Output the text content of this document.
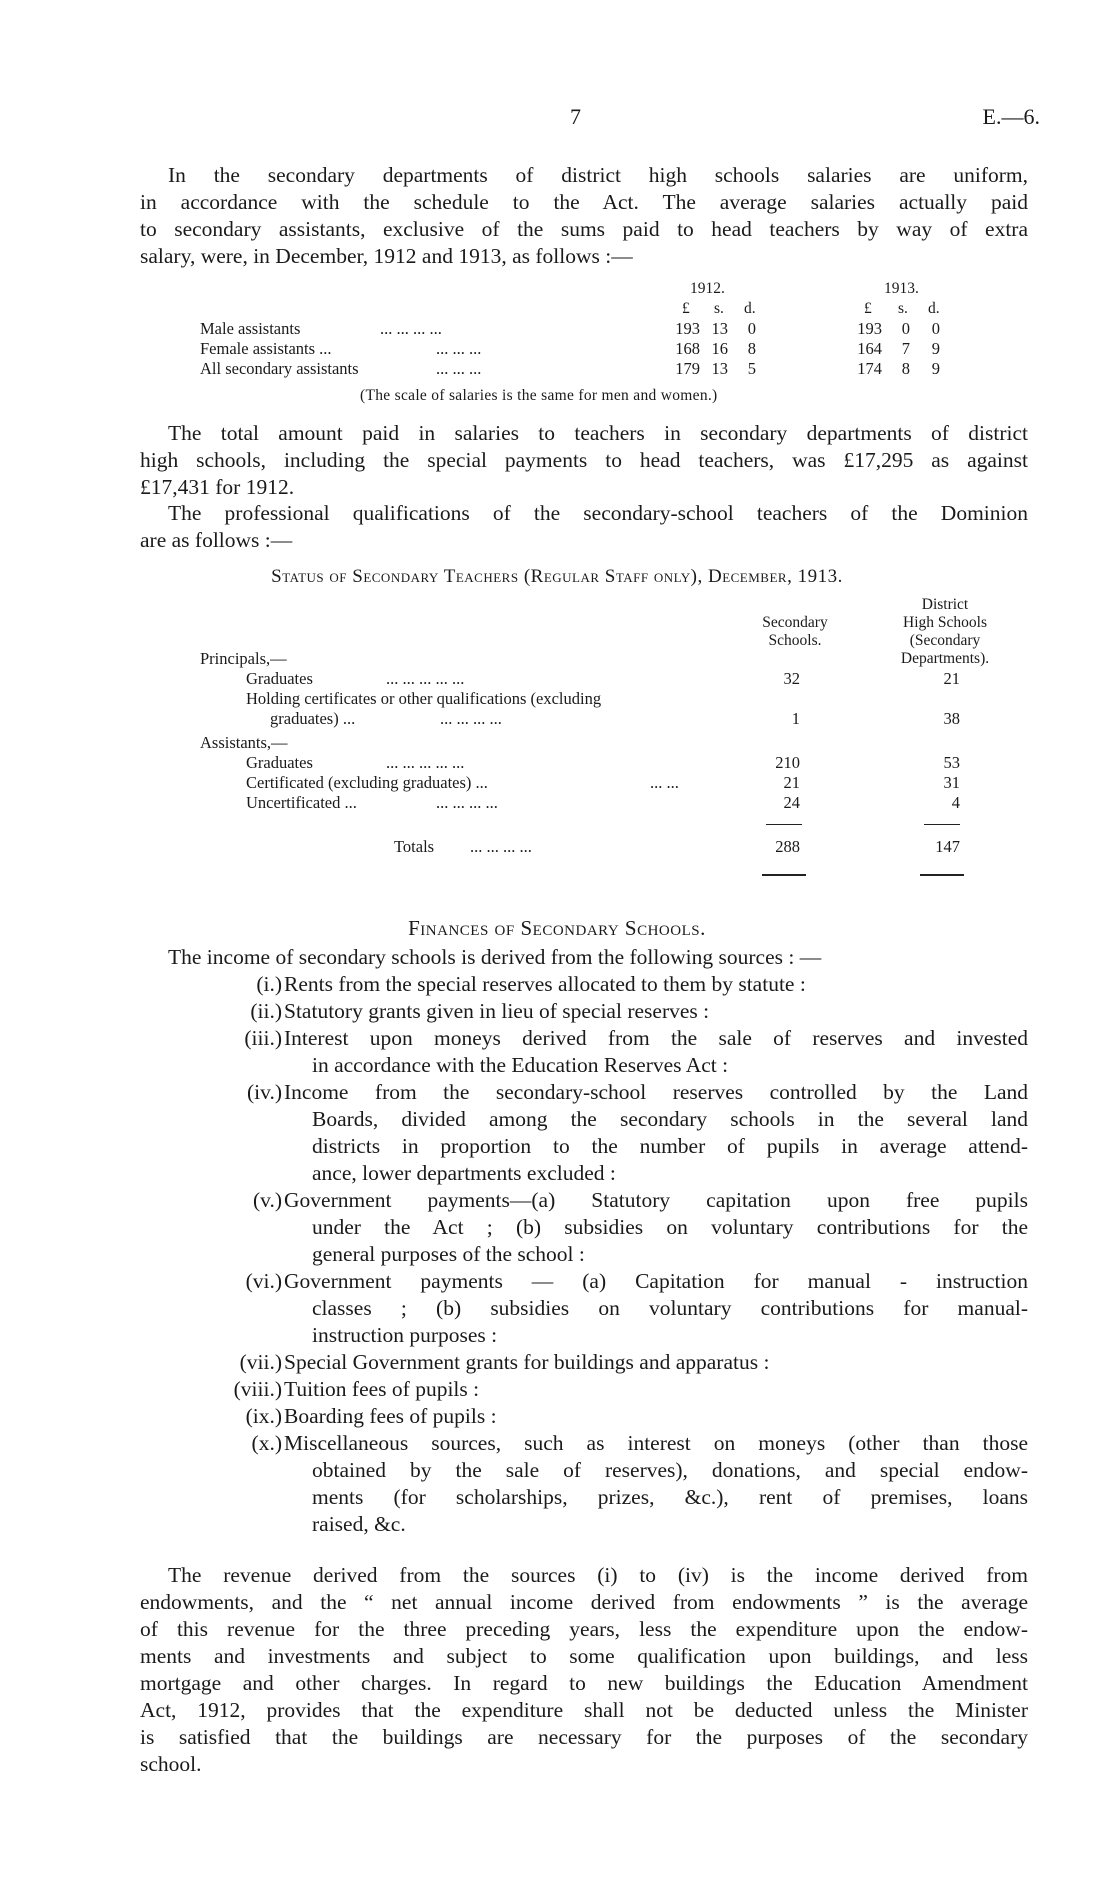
7	E.—6.
In the secondary departments of district high schools salaries are uniform,
in accordance with the schedule to the Act. The average salaries actually paid
to secondary assistants, exclusive of the sums paid to head teachers by way of extra
salary, were, in December, 1912 and 1913, as follows :—
1912.	1913.
£ s. d.	£ s. d.
Male assistants	... ... ... ...	193 13	0	193	0	0
Female assistants ...	... ... ...	168 16	8	164	7	9
All secondary assistants	... ... ...	179 13	5	174	8	9
(The scale of salaries is the same for men and women.)
The total amount paid in salaries to teachers in secondary departments of district
high schools, including the special payments to head teachers, was £17,295 as against
£17,431 for 1912.
The professional qualifications of the secondary-school teachers of the Dominion
are as follows :—
Status of Secondary Teachers (Regular Staff only), December, 1913.
Secondary
Schools.
District
High Schools
(Secondary
Departments).
Principals,—
Graduates	... ... ... ... ...	32	21
Holding certificates or other qualifications (excluding
graduates) ...	... ... ... ...	1	38
Assistants,—
Graduates	... ... ... ... ...	210	53
Certificated (excluding graduates) ...	... ...	21	31
Uncertificated ...	... ... ... ...	24	4
Totals ... ... ... ...	288	147
Finances of Secondary Schools.
The income of secondary schools is derived from the following sources : —
(i.) Rents from the special reserves allocated to them by statute :
(ii.) Statutory grants given in lieu of special reserves :
(iii.) Interest upon moneys derived from the sale of reserves and invested
in accordance with the Education Reserves Act :
(iv.) Income from the secondary-school reserves controlled by the Land
Boards, divided among the secondary schools in the several land
districts in proportion to the number of pupils in average attend-
ance, lower departments excluded :
(v.) Government payments—(a) Statutory capitation upon free pupils
under the Act ; (b) subsidies on voluntary contributions for the
general purposes of the school :
(vi.) Government payments — (a) Capitation for manual - instruction
classes ; (b) subsidies on voluntary contributions for manual-
instruction purposes :
(vii.) Special Government grants for buildings and apparatus :
(viii.) Tuition fees of pupils :
(ix.) Boarding fees of pupils :
(x.) Miscellaneous sources, such as interest on moneys (other than those
obtained by the sale of reserves), donations, and special endow-
ments (for scholarships, prizes, &c.), rent of premises, loans
raised, &c.
The revenue derived from the sources (i) to (iv) is the income derived from
endowments, and the “ net annual income derived from endowments ” is the average
of this revenue for the three preceding years, less the expenditure upon the endow-
ments and investments and subject to some qualification upon buildings, and less
mortgage and other charges. In regard to new buildings the Education Amendment
Act, 1912, provides that the expenditure shall not be deducted unless the Minister
is satisfied that the buildings are necessary for the purposes of the secondary
school.
